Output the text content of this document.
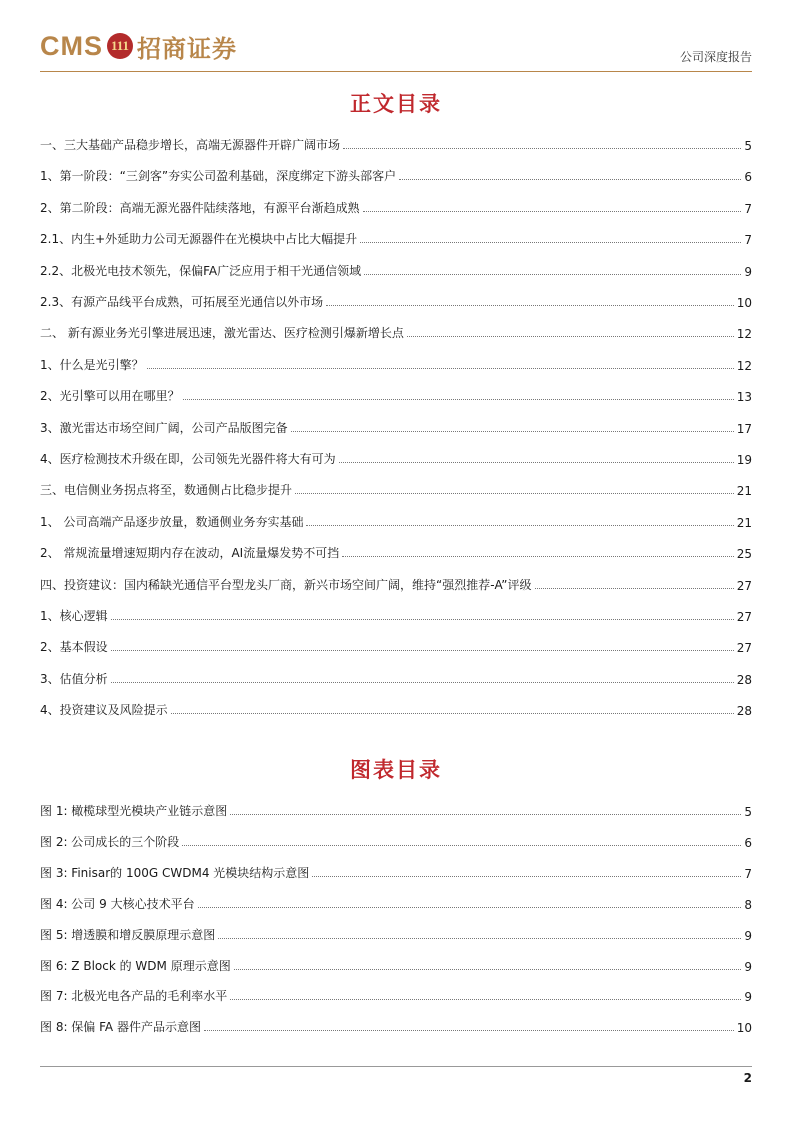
CMS 111 招商证券	公司深度报告
正文目录
一、三大基础产品稳步增长，高端无源器件开辟广阔市场	5
1、第一阶段：“三剑客”夯实公司盈利基础，深度绑定下游头部客户	6
2、第二阶段：高端无源光器件陆续落地，有源平台渐趋成熟	7
2.1、内生+外延助力公司无源器件在光模块中占比大幅提升	7
2.2、北极光电技术领先，保偏FA广泛应用于相干光通信领域	9
2.3、有源产品线平台成熟，可拓展至光通信以外市场	10
二、 新有源业务光引擎进展迅速，激光雷达、医疗检测引爆新增长点	12
1、什么是光引擎？	12
2、光引擎可以用在哪里？	13
3、激光雷达市场空间广阔，公司产品版图完备	17
4、医疗检测技术升级在即，公司领先光器件将大有可为	19
三、电信侧业务拐点将至，数通侧占比稳步提升	21
1、 公司高端产品逐步放量，数通侧业务夯实基础	21
2、 常规流量增速短期内存在波动，AI流量爆发势不可挡	25
四、投资建议：国内稀缺光通信平台型龙头厂商，新兴市场空间广阔，维持“强烈推荐-A”评级	27
1、核心逻辑	27
2、基本假设	27
3、估值分析	28
4、投资建议及风险提示	28
图表目录
图 1: 橄榄球型光模块产业链示意图	5
图 2: 公司成长的三个阶段	6
图 3: Finisar的 100G CWDM4 光模块结构示意图	7
图 4: 公司 9 大核心技术平台	8
图 5: 增透膜和增反膜原理示意图	9
图 6: Z Block 的 WDM 原理示意图	9
图 7: 北极光电各产品的毛利率水平	9
图 8: 保偏 FA 器件产品示意图	10
2
